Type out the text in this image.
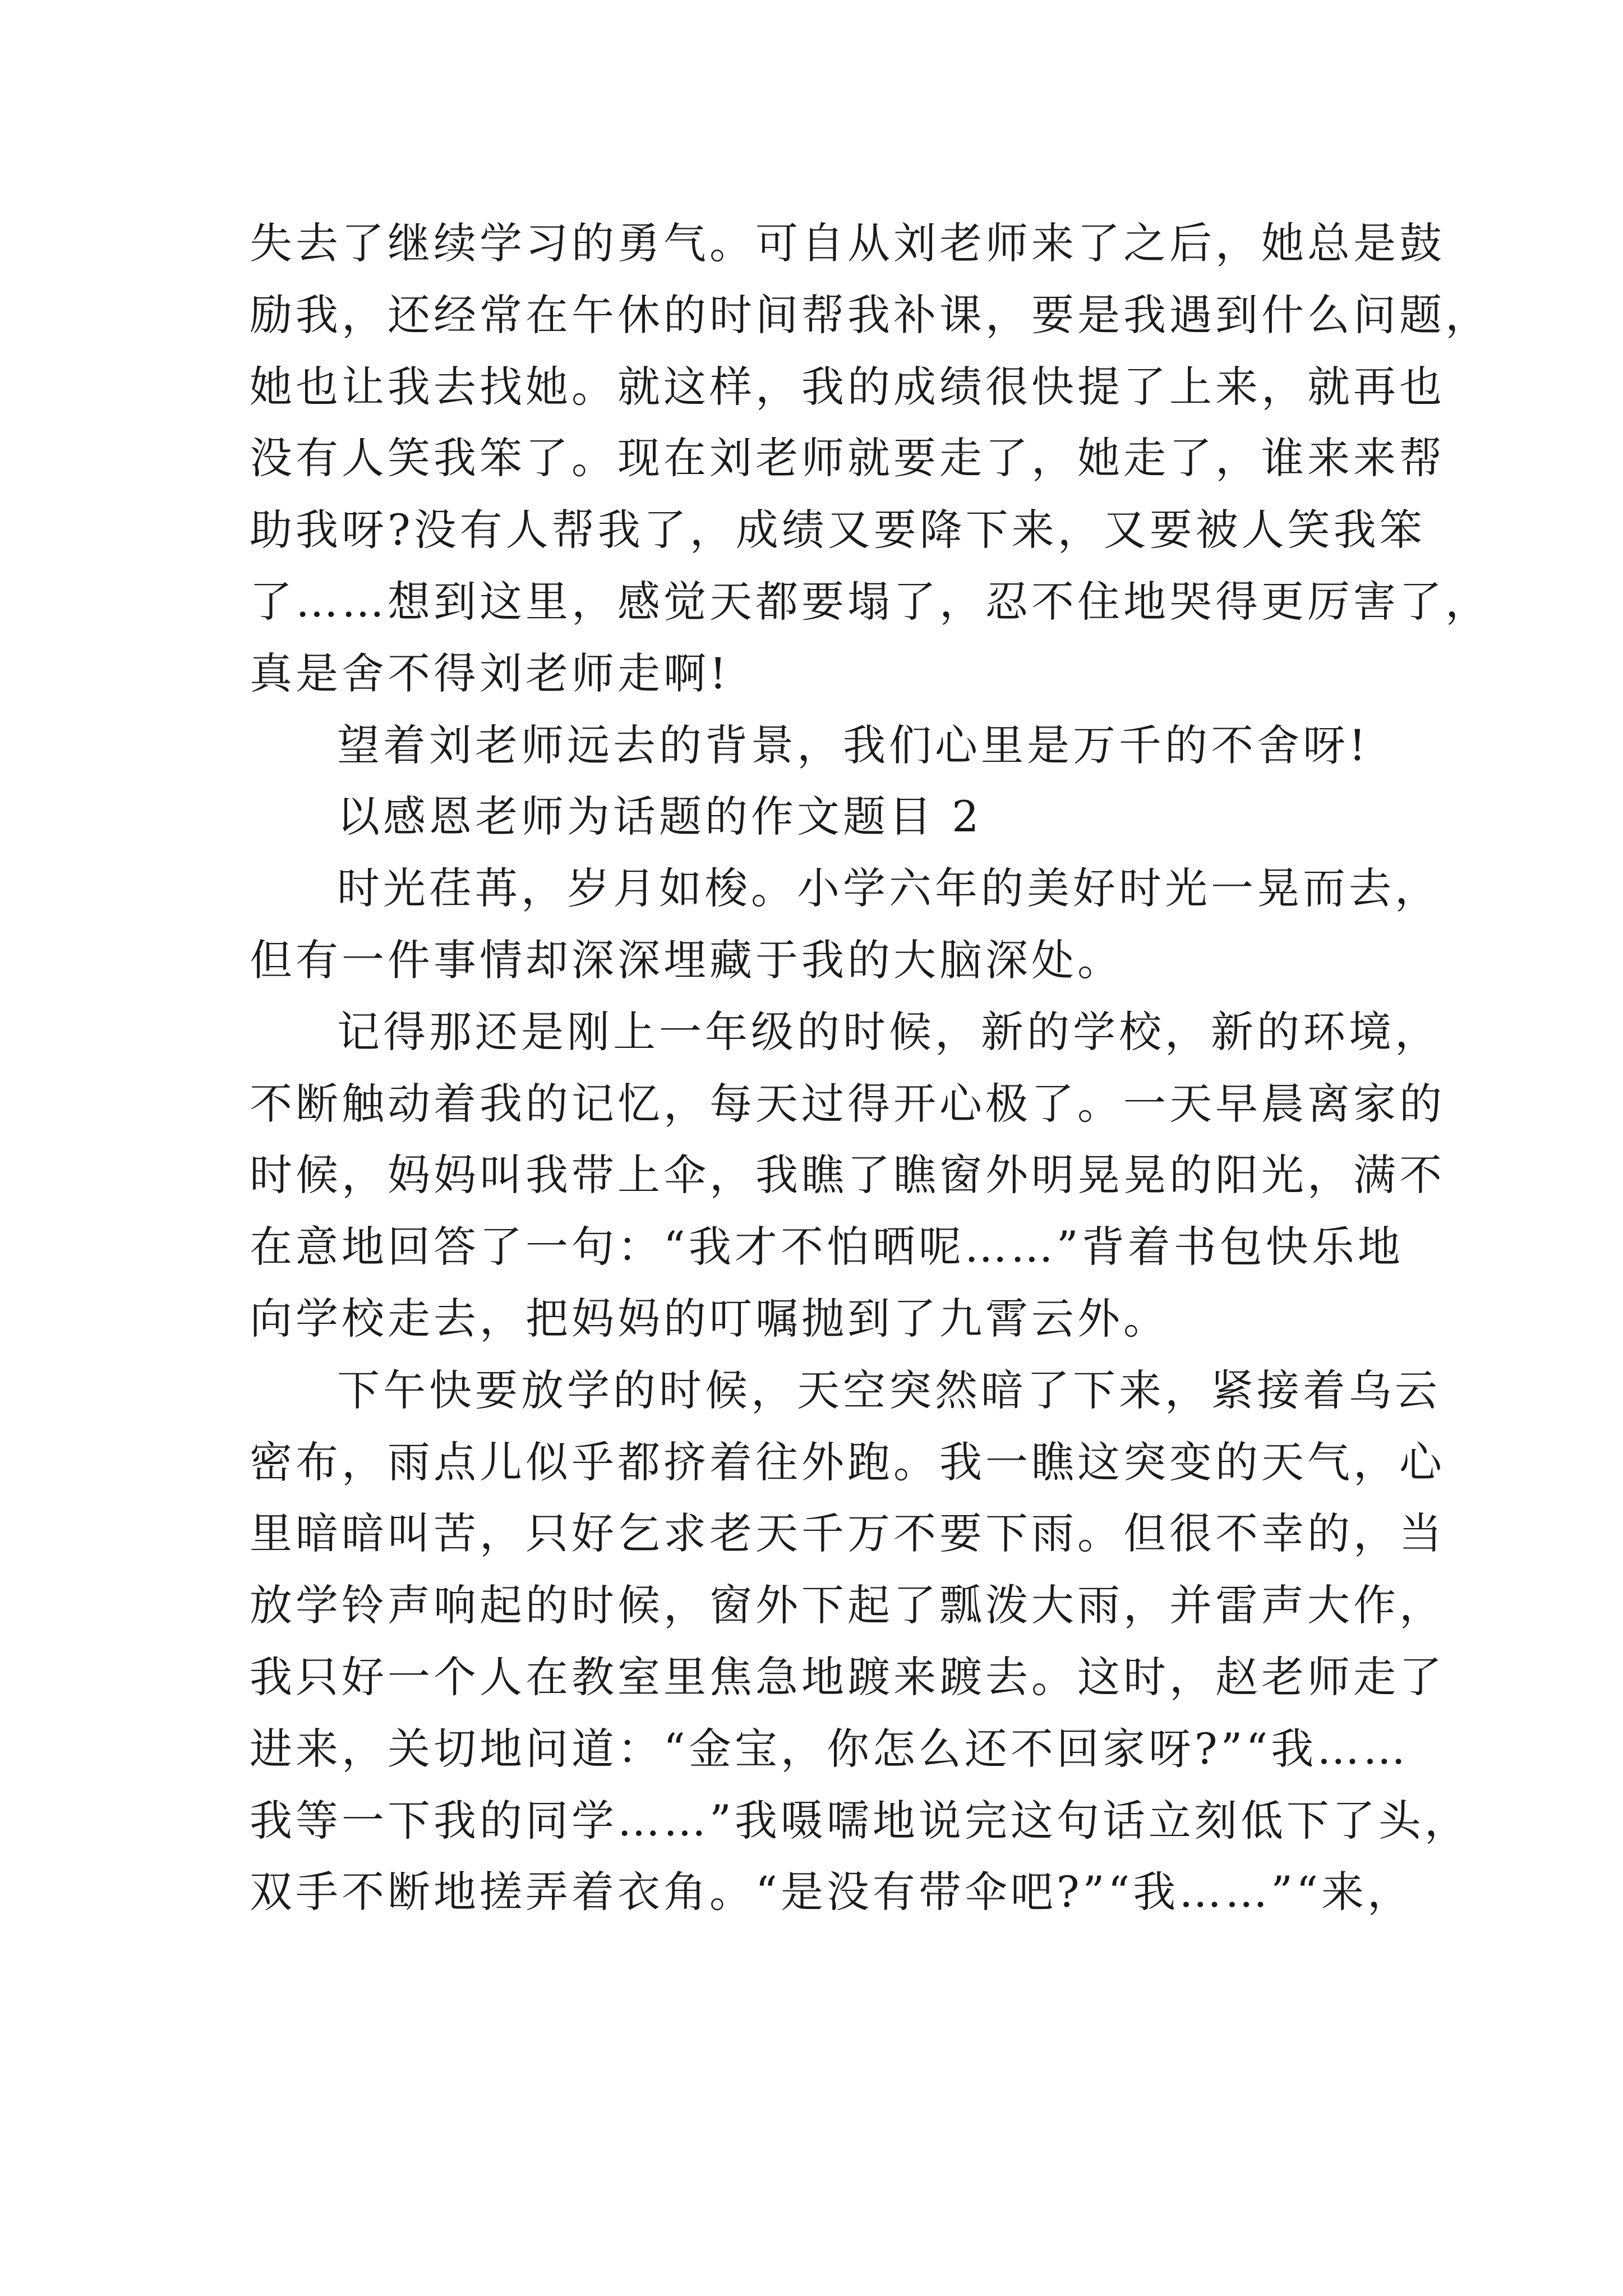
失去了继续学习的勇气。可自从刘老师来了之后，她总是鼓
励我，还经常在午休的时间帮我补课，要是我遇到什么问题，
她也让我去找她。就这样，我的成绩很快提了上来，就再也
没有人笑我笨了。现在刘老师就要走了，她走了，谁来来帮
助我呀?没有人帮我了，成绩又要降下来，又要被人笑我笨
了……想到这里，感觉天都要塌了，忍不住地哭得更厉害了，
真是舍不得刘老师走啊!
望着刘老师远去的背景，我们心里是万千的不舍呀!
以感恩老师为话题的作文题目 2
时光荏苒，岁月如梭。小学六年的美好时光一晃而去，
但有一件事情却深深埋藏于我的大脑深处。
记得那还是刚上一年级的时候，新的学校，新的环境，
不断触动着我的记忆，每天过得开心极了。一天早晨离家的
时候，妈妈叫我带上伞，我瞧了瞧窗外明晃晃的阳光，满不
在意地回答了一句：“我才不怕晒呢……”背着书包快乐地
向学校走去，把妈妈的叮嘱抛到了九霄云外。
下午快要放学的时候，天空突然暗了下来，紧接着乌云
密布，雨点儿似乎都挤着往外跑。我一瞧这突变的天气，心
里暗暗叫苦，只好乞求老天千万不要下雨。但很不幸的，当
放学铃声响起的时候，窗外下起了瓢泼大雨，并雷声大作，
我只好一个人在教室里焦急地踱来踱去。这时，赵老师走了
进来，关切地问道：“金宝，你怎么还不回家呀?”“我……
我等一下我的同学……”我嗫嚅地说完这句话立刻低下了头，
双手不断地搓弄着衣角。“是没有带伞吧?”“我……”“来，
